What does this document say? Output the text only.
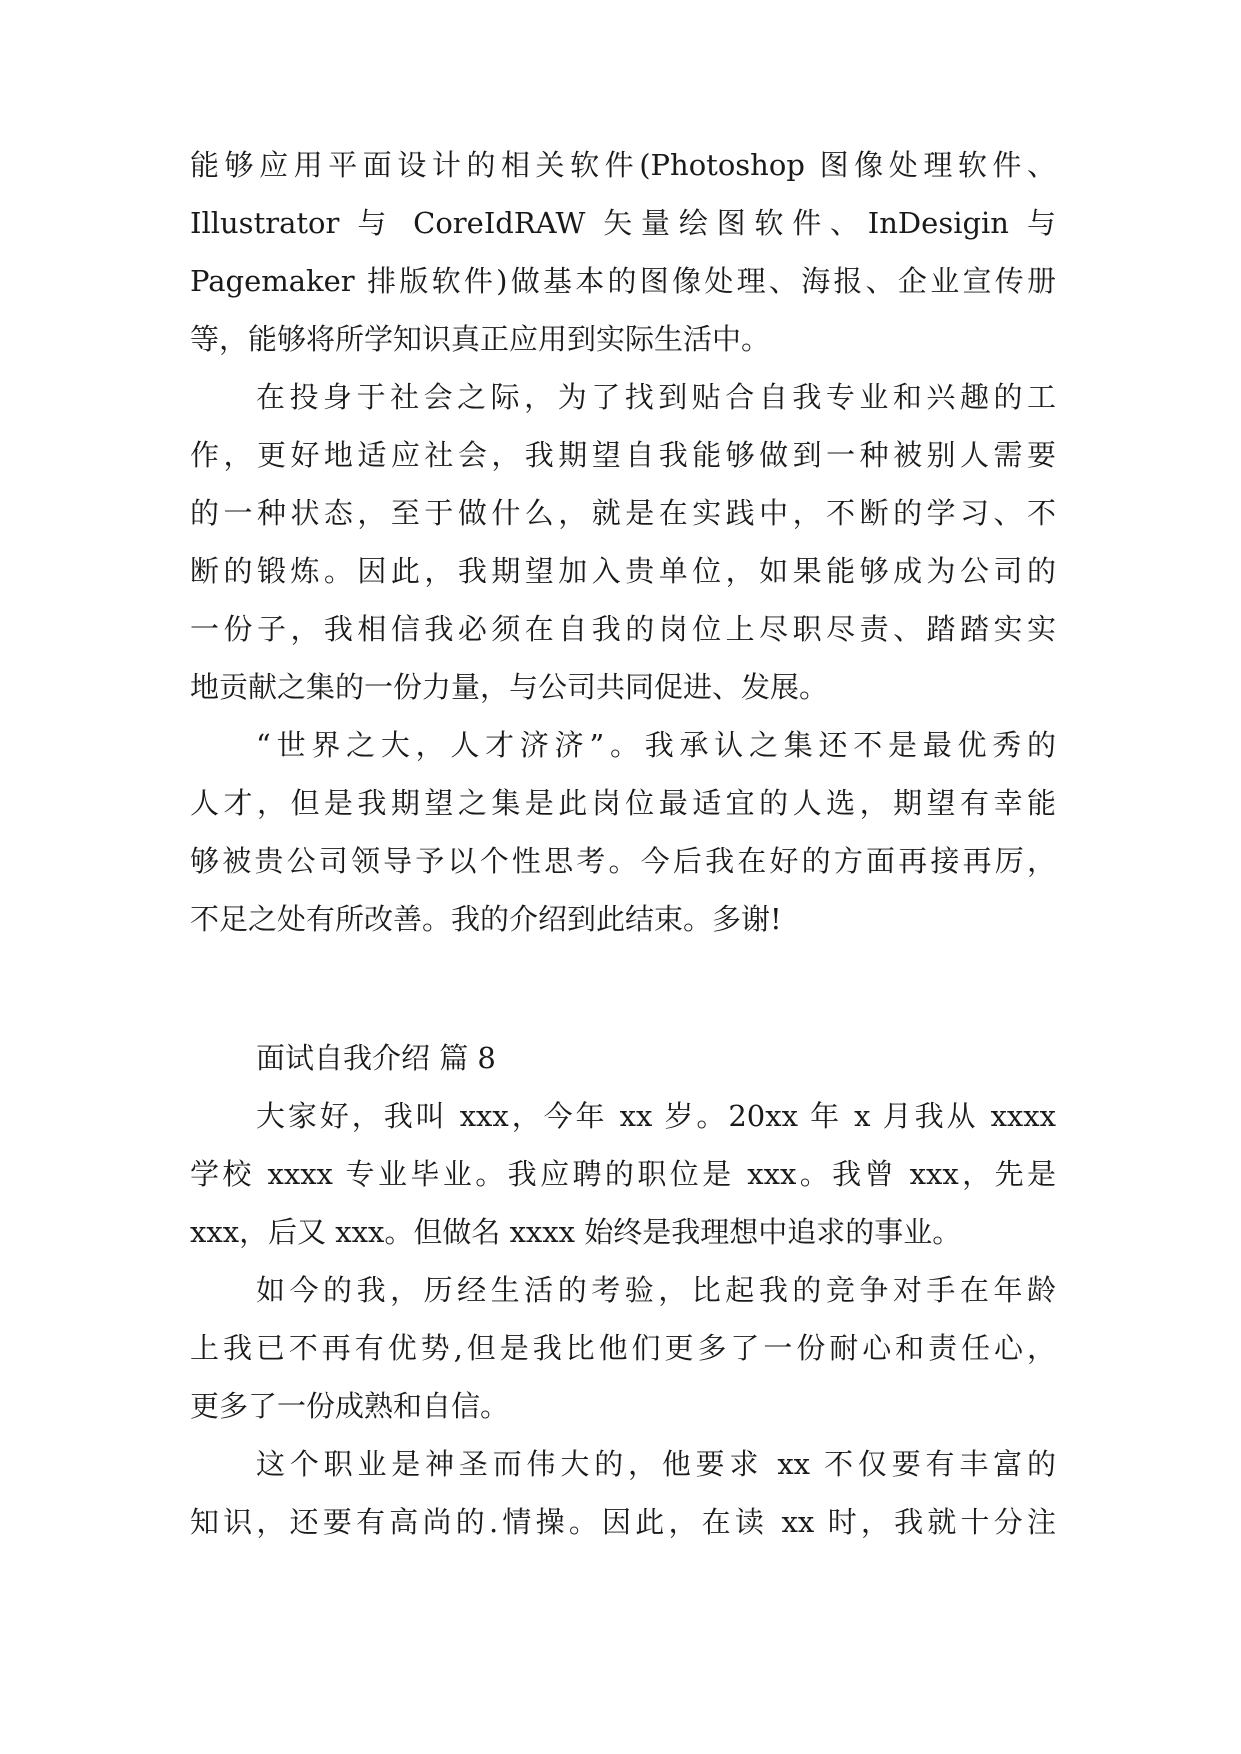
能够应用平面设计的相关软件(Photoshop 图像处理软件、
Illustrator 与 CoreIdRAW 矢量绘图软件、InDesigin 与
Pagemaker 排版软件)做基本的图像处理、海报、企业宣传册
等，能够将所学知识真正应用到实际生活中。
在投身于社会之际，为了找到贴合自我专业和兴趣的工
作，更好地适应社会，我期望自我能够做到一种被别人需要
的一种状态，至于做什么，就是在实践中，不断的学习、不
断的锻炼。因此，我期望加入贵单位，如果能够成为公司的
一份子，我相信我必须在自我的岗位上尽职尽责、踏踏实实
地贡献之集的一份力量，与公司共同促进、发展。
“世界之大，人才济济”。我承认之集还不是最优秀的
人才，但是我期望之集是此岗位最适宜的人选，期望有幸能
够被贵公司领导予以个性思考。今后我在好的方面再接再厉，
不足之处有所改善。我的介绍到此结束。多谢!
面试自我介绍 篇 8
大家好，我叫 xxx，今年 xx 岁。20xx 年 x 月我从 xxxx
学校 xxxx 专业毕业。我应聘的职位是 xxx。我曾 xxx，先是
xxx，后又 xxx。但做名 xxxx 始终是我理想中追求的事业。
如今的我，历经生活的考验，比起我的竞争对手在年龄
上我已不再有优势,但是我比他们更多了一份耐心和责任心，
更多了一份成熟和自信。
这个职业是神圣而伟大的，他要求 xx 不仅要有丰富的
知识，还要有高尚的.情操。因此，在读 xx 时，我就十分注
